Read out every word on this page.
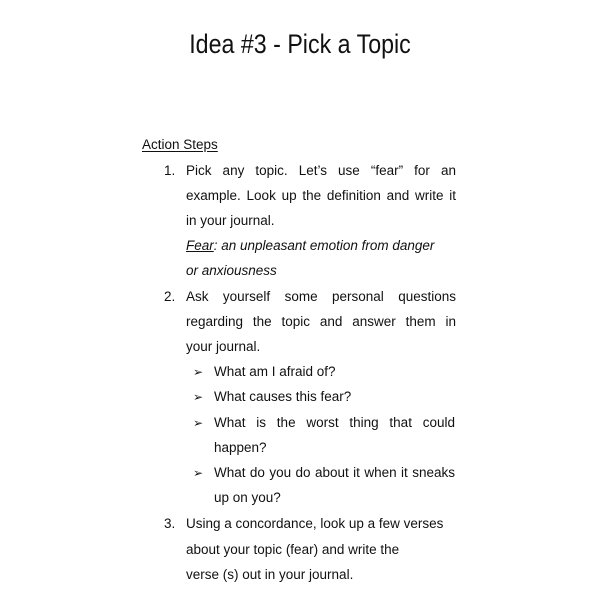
Idea #3 - Pick a Topic
Action Steps
1. Pick any topic. Let’s use “fear” for an
example. Look up the definition and write it
in your journal.
Fear: an unpleasant emotion from danger
or anxiousness
2. Ask yourself some personal questions
regarding the topic and answer them in
your journal.
➢ What am I afraid of?
➢ What causes this fear?
➢ What is the worst thing that could
happen?
➢ What do you do about it when it sneaks
up on you?
3. Using a concordance, look up a few verses
about your topic (fear) and write the
verse (s) out in your journal.
